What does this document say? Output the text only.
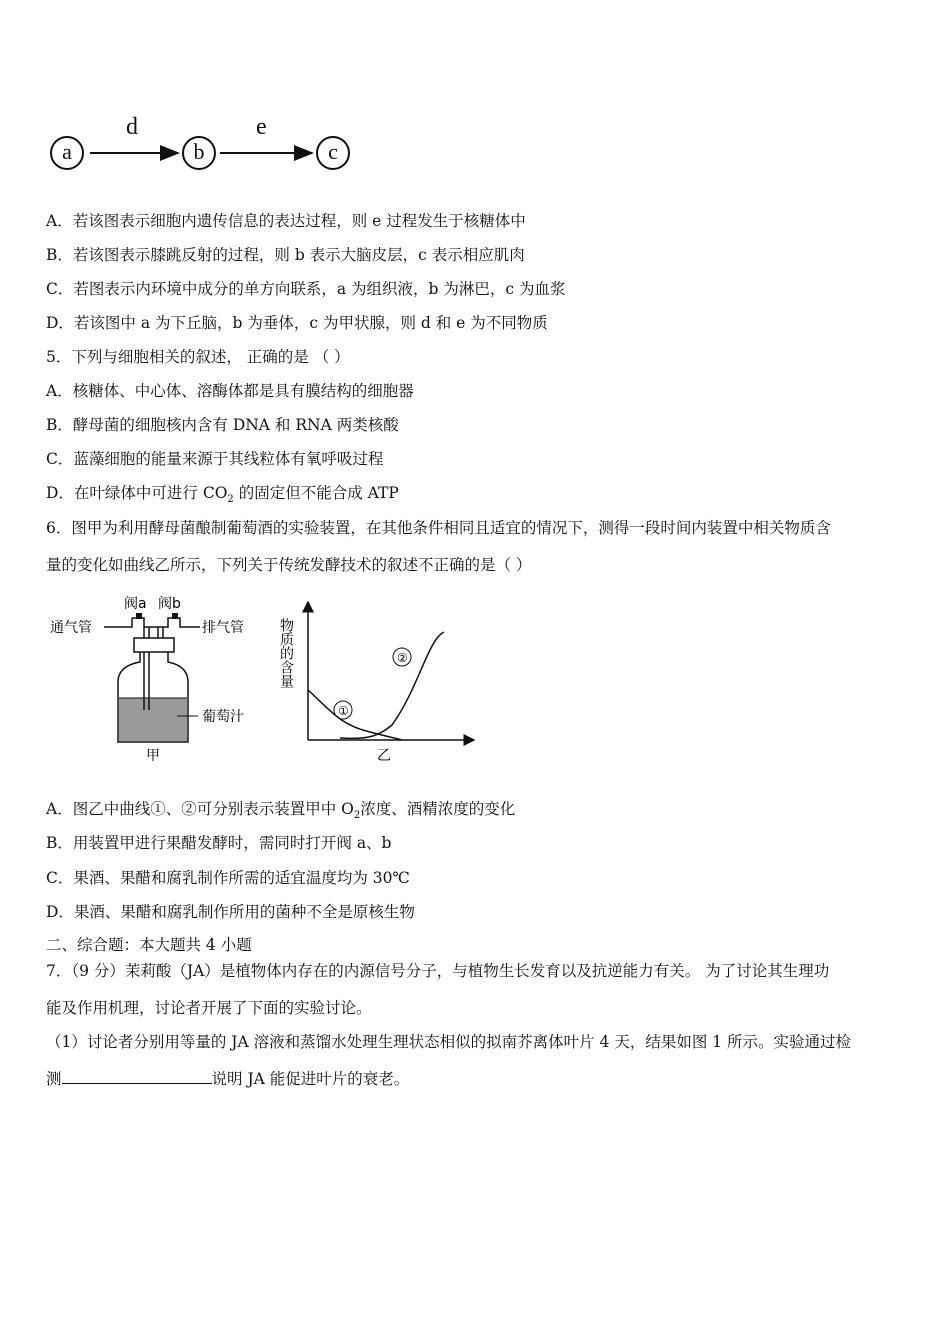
a	b	c
d	e
A．若该图表示细胞内遗传信息的表达过程，则 e 过程发生于核糖体中
B．若该图表示膝跳反射的过程，则 b 表示大脑皮层，c 表示相应肌肉
C．若图表示内环境中成分的单方向联系，a 为组织液，b 为淋巴，c 为血浆
D．若该图中 a 为下丘脑，b 为垂体，c 为甲状腺，则 d 和 e 为不同物质
5．下列与细胞相关的叙述， 正确的是 （ ）
A．核糖体、中心体、溶酶体都是具有膜结构的细胞器
B．酵母菌的细胞核内含有 DNA 和 RNA 两类核酸
C．蓝藻细胞的能量来源于其线粒体有氧呼吸过程
D．在叶绿体中可进行 $CO_2$ 的固定但不能合成 ATP
6．图甲为利用酵母菌酿制葡萄酒的实验装置，在其他条件相同且适宜的情况下，测得一段时间内装置中相关物质含
量的变化如曲线乙所示，下列关于传统发酵技术的叙述不正确的是（ ）
阀a 阀b
通气管	排气管
葡萄汁
甲
物质的含量
①
②
乙
A．图乙中曲线①、②可分别表示装置甲中 $O_2$浓度、酒精浓度的变化
B．用装置甲进行果醋发酵时，需同时打开阀 a、b
C．果酒、果醋和腐乳制作所需的适宜温度均为 30℃
D．果酒、果醋和腐乳制作所用的菌种不全是原核生物
二、综合题：本大题共 4 小题
7．（9 分）茉莉酸（JA）是植物体内存在的内源信号分子，与植物生长发育以及抗逆能力有关。 为了讨论其生理功
能及作用机理，讨论者开展了下面的实验讨论。
（1）讨论者分别用等量的 JA 溶液和蒸馏水处理生理状态相似的拟南芥离体叶片 4 天，结果如图 1 所示。实验通过检
测	说明 JA 能促进叶片的衰老。
